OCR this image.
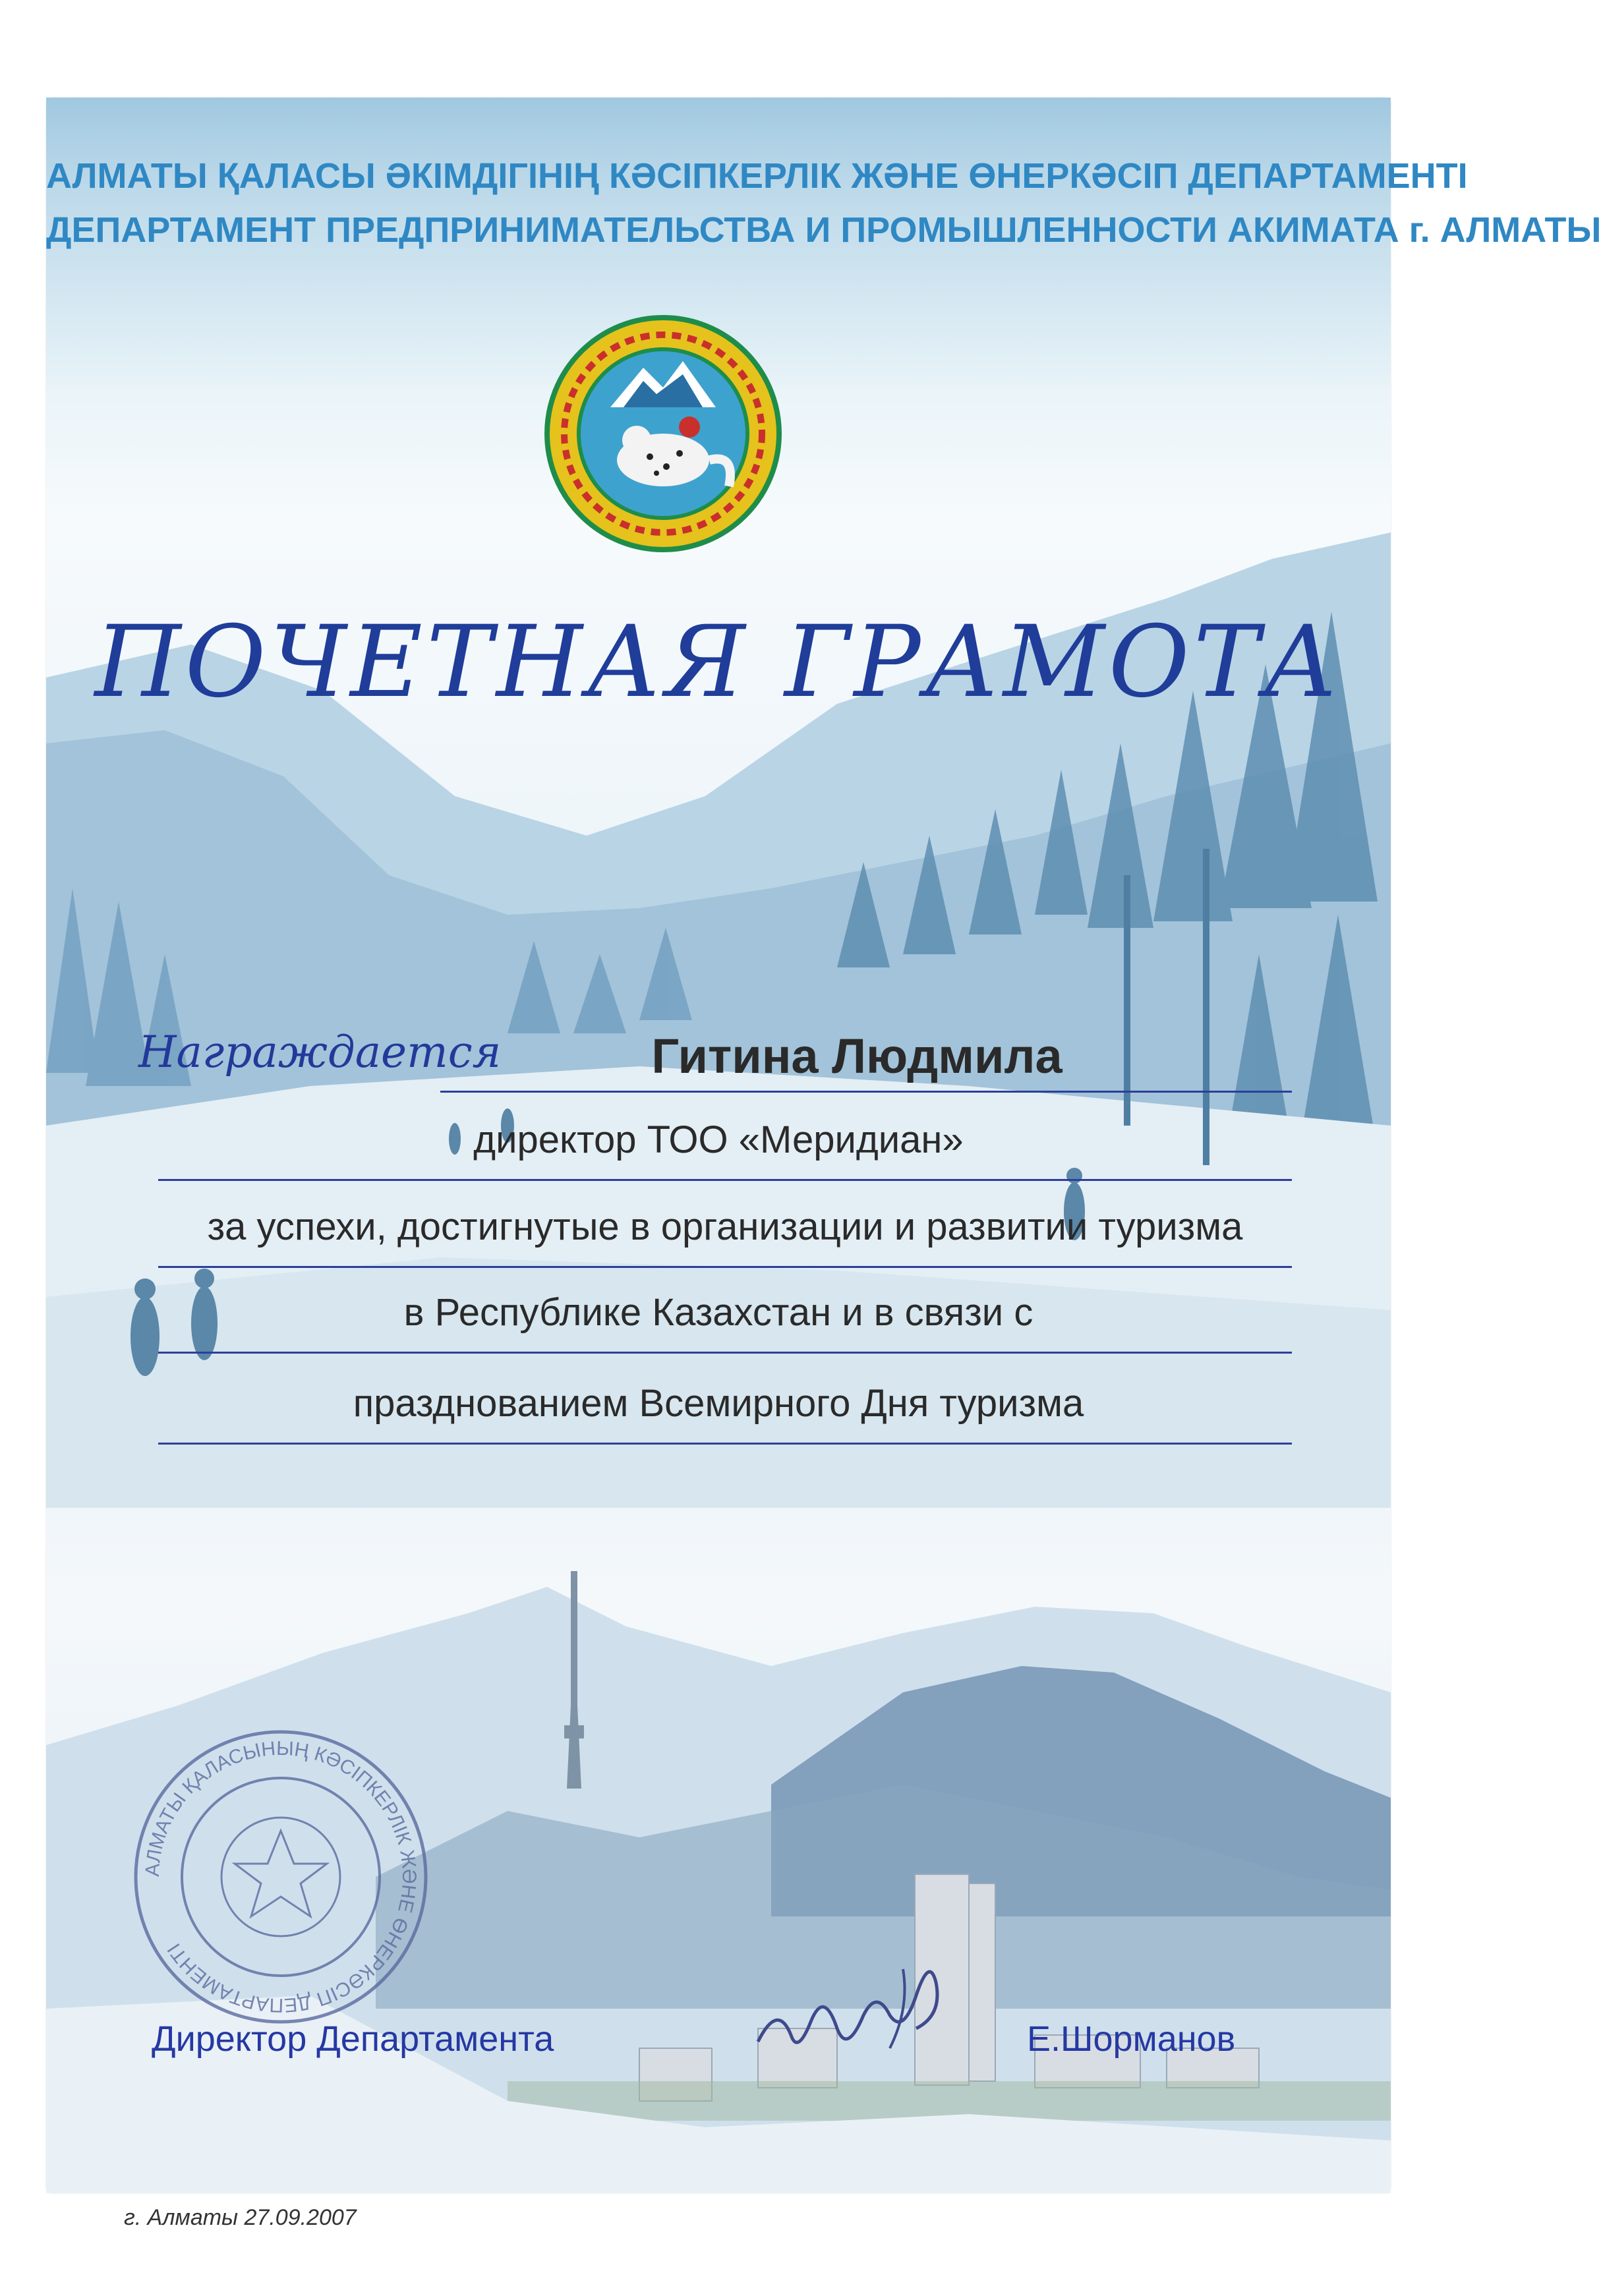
АЛМАТЫ ҚАЛАСЫ ӘКІМДІГІНІҢ КӘСІПКЕРЛІК ЖӘНЕ ӨНЕРКӘСІП ДЕПАРТАМЕНТІ
ДЕПАРТАМЕНТ ПРЕДПРИНИМАТЕЛЬСТВА И ПРОМЫШЛЕННОСТИ АКИМАТА г. АЛМАТЫ
ПОЧЕТНАЯ ГРАМОТА
Награждается	Гитина Людмила
директор ТОО «Меридиан»
за успехи, достигнутые в организации и развитии туризма
в Республике Казахстан и в связи с
празднованием Всемирного Дня туризма
АЛМАТЫ ҚАЛАСЫНЫҢ КӘСІПКЕРЛІК ЖӘНЕ ӨНЕРКӘСІП ДЕПАРТАМЕНТІ
Директор Департамента	Е.Шорманов
г. Алматы 27.09.2007
